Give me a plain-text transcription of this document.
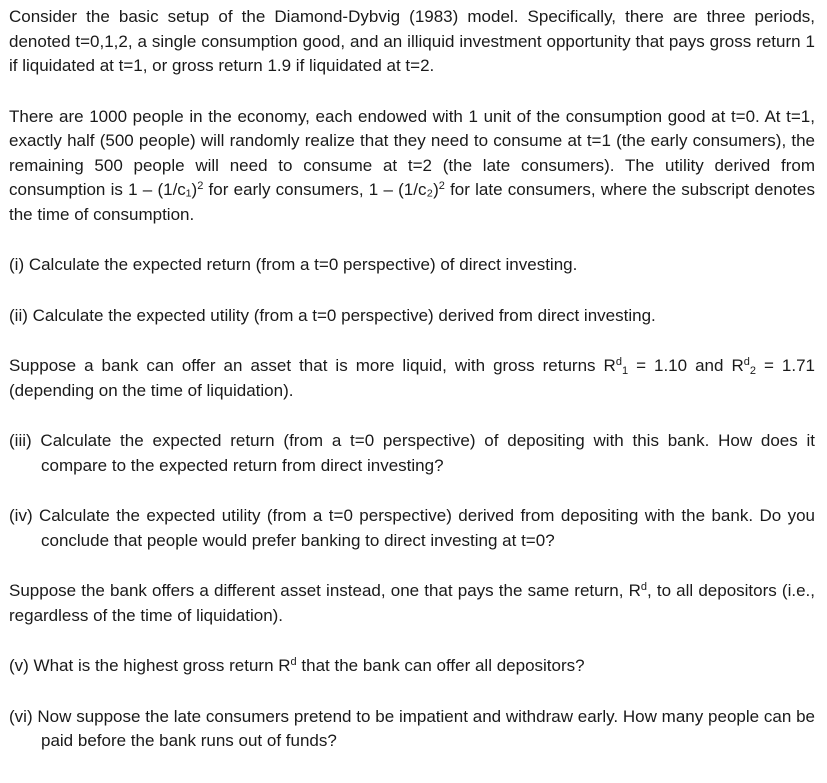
Consider the basic setup of the Diamond-Dybvig (1983) model. Specifically, there are three periods, denoted t=0,1,2, a single consumption good, and an illiquid investment opportunity that pays gross return 1 if liquidated at t=1, or gross return 1.9 if liquidated at t=2.

There are 1000 people in the economy, each endowed with 1 unit of the consumption good at t=0. At t=1, exactly half (500 people) will randomly realize that they need to consume at t=1 (the early consumers), the remaining 500 people will need to consume at t=2 (the late consumers). The utility derived from consumption is $1 - (1/c_1)^2$ for early consumers, $1 - (1/c_2)^2$ for late consumers, where the subscript denotes the time of consumption.

(i) Calculate the expected return (from a t=0 perspective) of direct investing.

(ii) Calculate the expected utility (from a t=0 perspective) derived from direct investing.

Suppose a bank can offer an asset that is more liquid, with gross returns $R^d_1 = 1.10$ and $R^d_2 = 1.71$ (depending on the time of liquidation).

(iii) Calculate the expected return (from a t=0 perspective) of depositing with this bank. How does it compare to the expected return from direct investing?

(iv) Calculate the expected utility (from a t=0 perspective) derived from depositing with the bank. Do you conclude that people would prefer banking to direct investing at t=0?

Suppose the bank offers a different asset instead, one that pays the same return, $R^d$, to all depositors (i.e., regardless of the time of liquidation).

(v) What is the highest gross return $R^d$ that the bank can offer all depositors?

(vi) Now suppose the late consumers pretend to be impatient and withdraw early. How many people can be paid before the bank runs out of funds?
